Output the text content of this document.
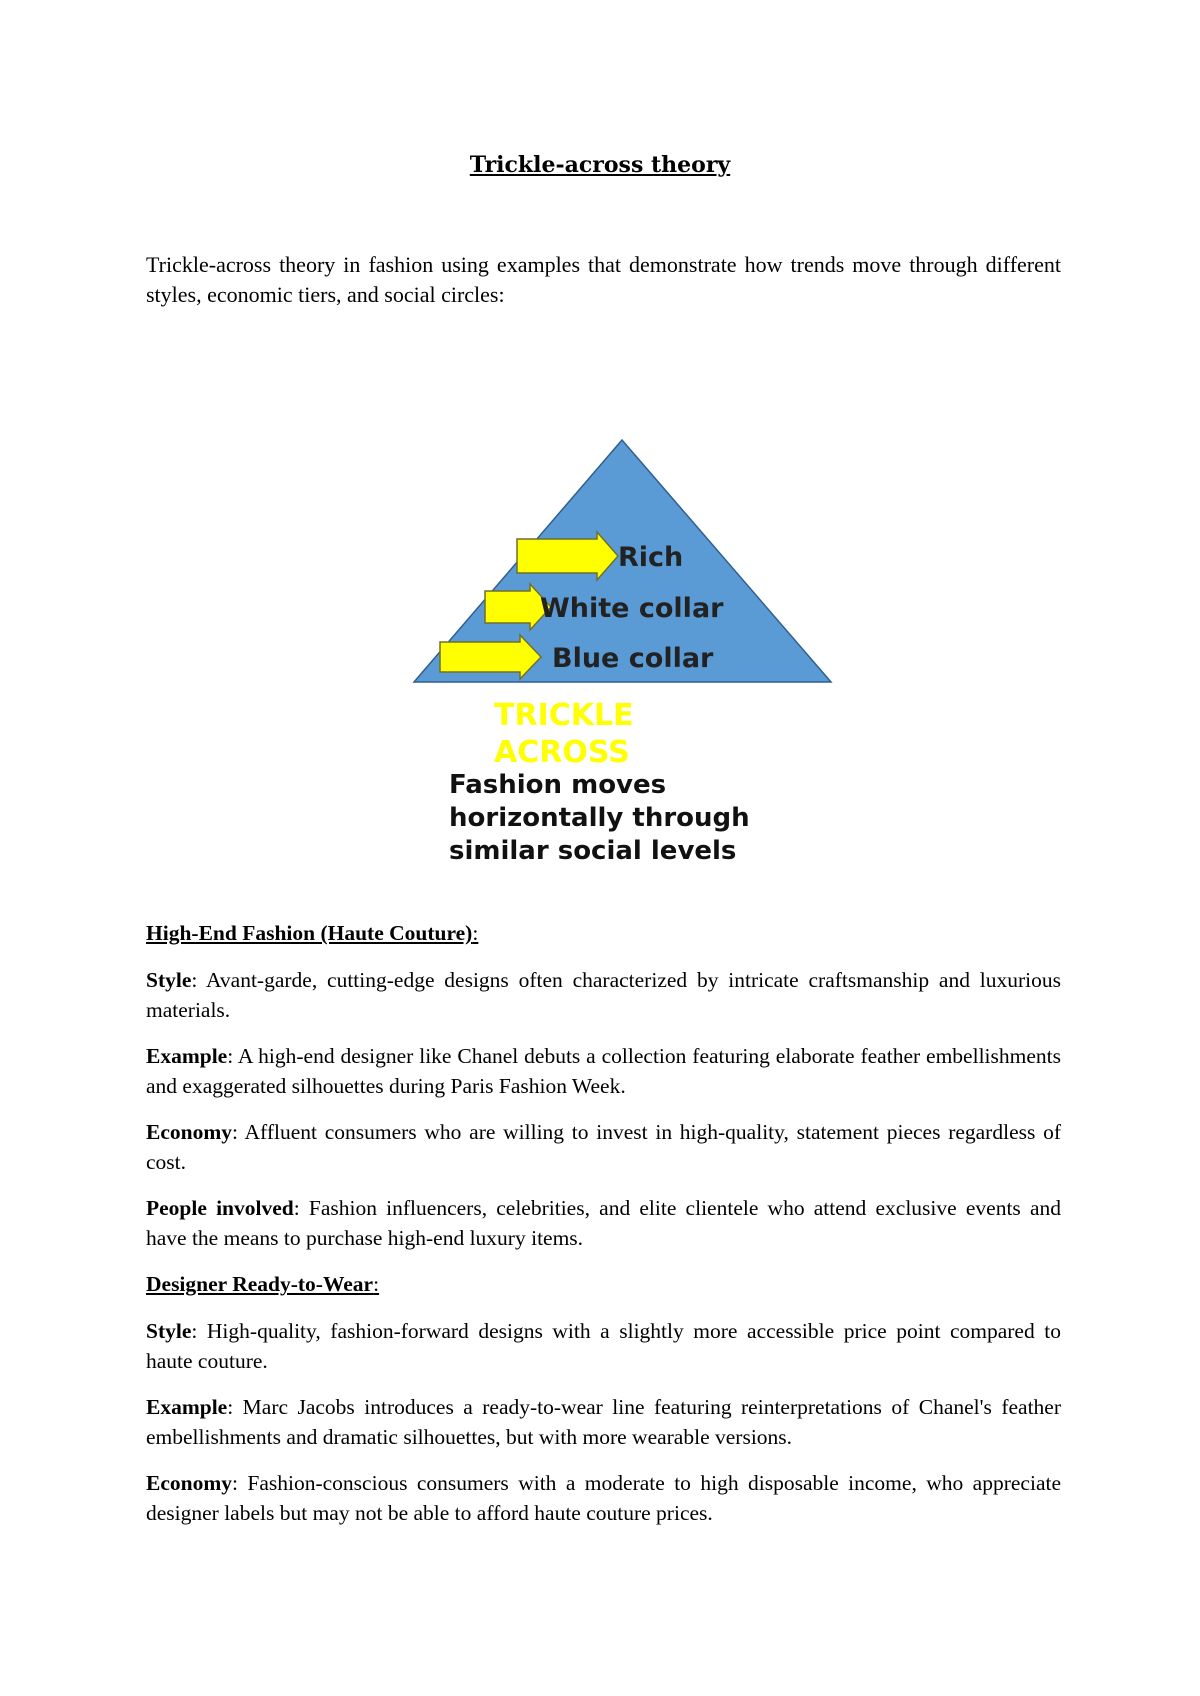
Trickle-across theory

Trickle-across theory in fashion using examples that demonstrate how trends move through different styles, economic tiers, and social circles:

Rich
White collar
Blue collar
TRICKLE
ACROSS
Fashion moves
horizontally through
similar social levels
High-End Fashion (Haute Couture):

Style: Avant-garde, cutting-edge designs often characterized by intricate craftsmanship and luxurious materials.

Example: A high-end designer like Chanel debuts a collection featuring elaborate feather embellishments and exaggerated silhouettes during Paris Fashion Week.

Economy: Affluent consumers who are willing to invest in high-quality, statement pieces regardless of cost.

People involved: Fashion influencers, celebrities, and elite clientele who attend exclusive events and have the means to purchase high-end luxury items.

Designer Ready-to-Wear:

Style: High-quality, fashion-forward designs with a slightly more accessible price point compared to haute couture.

Example: Marc Jacobs introduces a ready-to-wear line featuring reinterpretations of Chanel's feather embellishments and dramatic silhouettes, but with more wearable versions.

Economy: Fashion-conscious consumers with a moderate to high disposable income, who appreciate designer labels but may not be able to afford haute couture prices.
